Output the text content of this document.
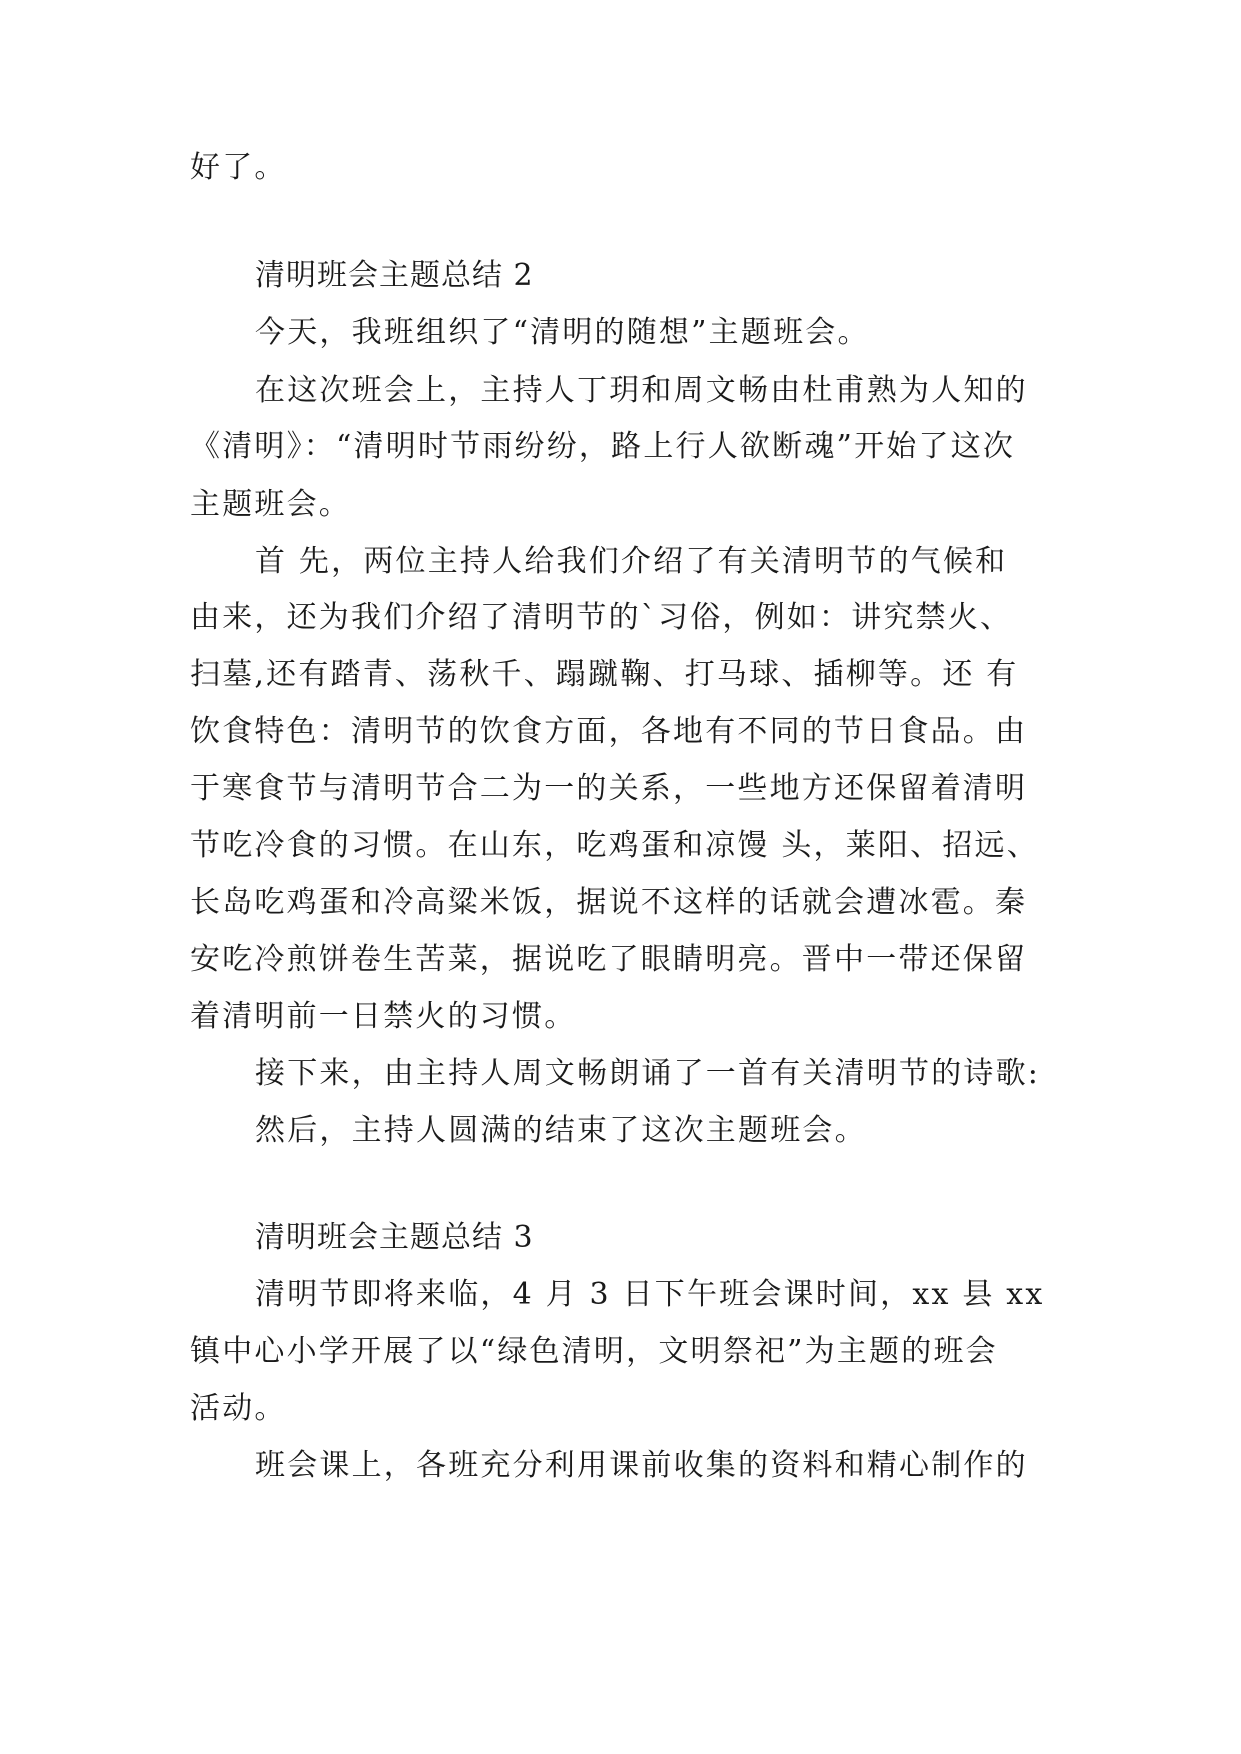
好了。
清明班会主题总结 2
今天，我班组织了“清明的随想”主题班会。
在这次班会上，主持人丁玥和周文畅由杜甫熟为人知的
《清明》：“清明时节雨纷纷，路上行人欲断魂”开始了这次
主题班会。
首 先，两位主持人给我们介绍了有关清明节的气候和
由来，还为我们介绍了清明节的`习俗，例如：讲究禁火、
扫墓,还有踏青、荡秋千、蹋蹴鞠、打马球、插柳等。还 有
饮食特色：清明节的饮食方面，各地有不同的节日食品。由
于寒食节与清明节合二为一的关系，一些地方还保留着清明
节吃冷食的习惯。在山东，吃鸡蛋和凉馒 头，莱阳、招远、
长岛吃鸡蛋和冷高粱米饭，据说不这样的话就会遭冰雹。秦
安吃冷煎饼卷生苦菜，据说吃了眼睛明亮。晋中一带还保留
着清明前一日禁火的习惯。
接下来，由主持人周文畅朗诵了一首有关清明节的诗歌:
然后，主持人圆满的结束了这次主题班会。
清明班会主题总结 3
清明节即将来临，4 月 3 日下午班会课时间，xx 县 xx
镇中心小学开展了以“绿色清明，文明祭祀”为主题的班会
活动。
班会课上，各班充分利用课前收集的资料和精心制作的
